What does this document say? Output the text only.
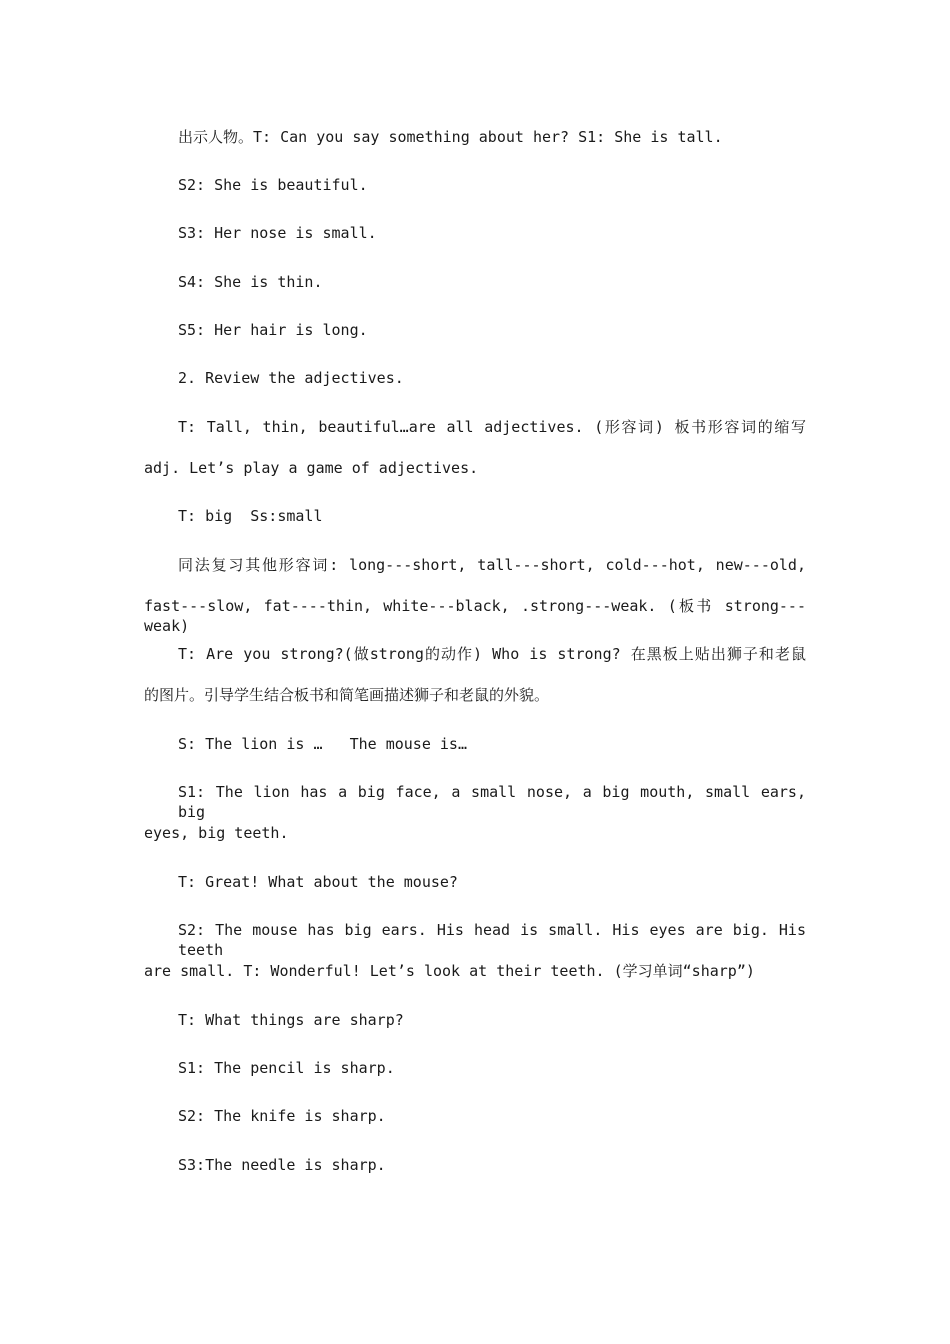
出示人物。T: Can you say something about her? S1: She is tall.
S2: She is beautiful.
S3: Her nose is small.
S4: She is thin.
S5: Her hair is long.
2. Review the adjectives.
T: Tall, thin, beautiful…are all adjectives. (形容词) 板书形容词的缩写
adj. Let’s play a game of adjectives.
T: big  Ss:small
同法复习其他形容词: long---short, tall---short, cold---hot, new---old,
fast---slow, fat----thin, white---black, .strong---weak. (板书 strong---weak)
T: Are you strong?(做strong的动作) Who is strong? 在黑板上贴出狮子和老鼠
的图片。引导学生结合板书和简笔画描述狮子和老鼠的外貌。
S: The lion is …   The mouse is…
S1: The lion has a big face, a small nose, a big mouth, small ears, big
eyes, big teeth.
T: Great! What about the mouse?
S2: The mouse has big ears. His head is small. His eyes are big. His teeth
are small. T: Wonderful! Let’s look at their teeth. (学习单词“sharp”)
T: What things are sharp?
S1: The pencil is sharp.
S2: The knife is sharp.
S3:The needle is sharp.
